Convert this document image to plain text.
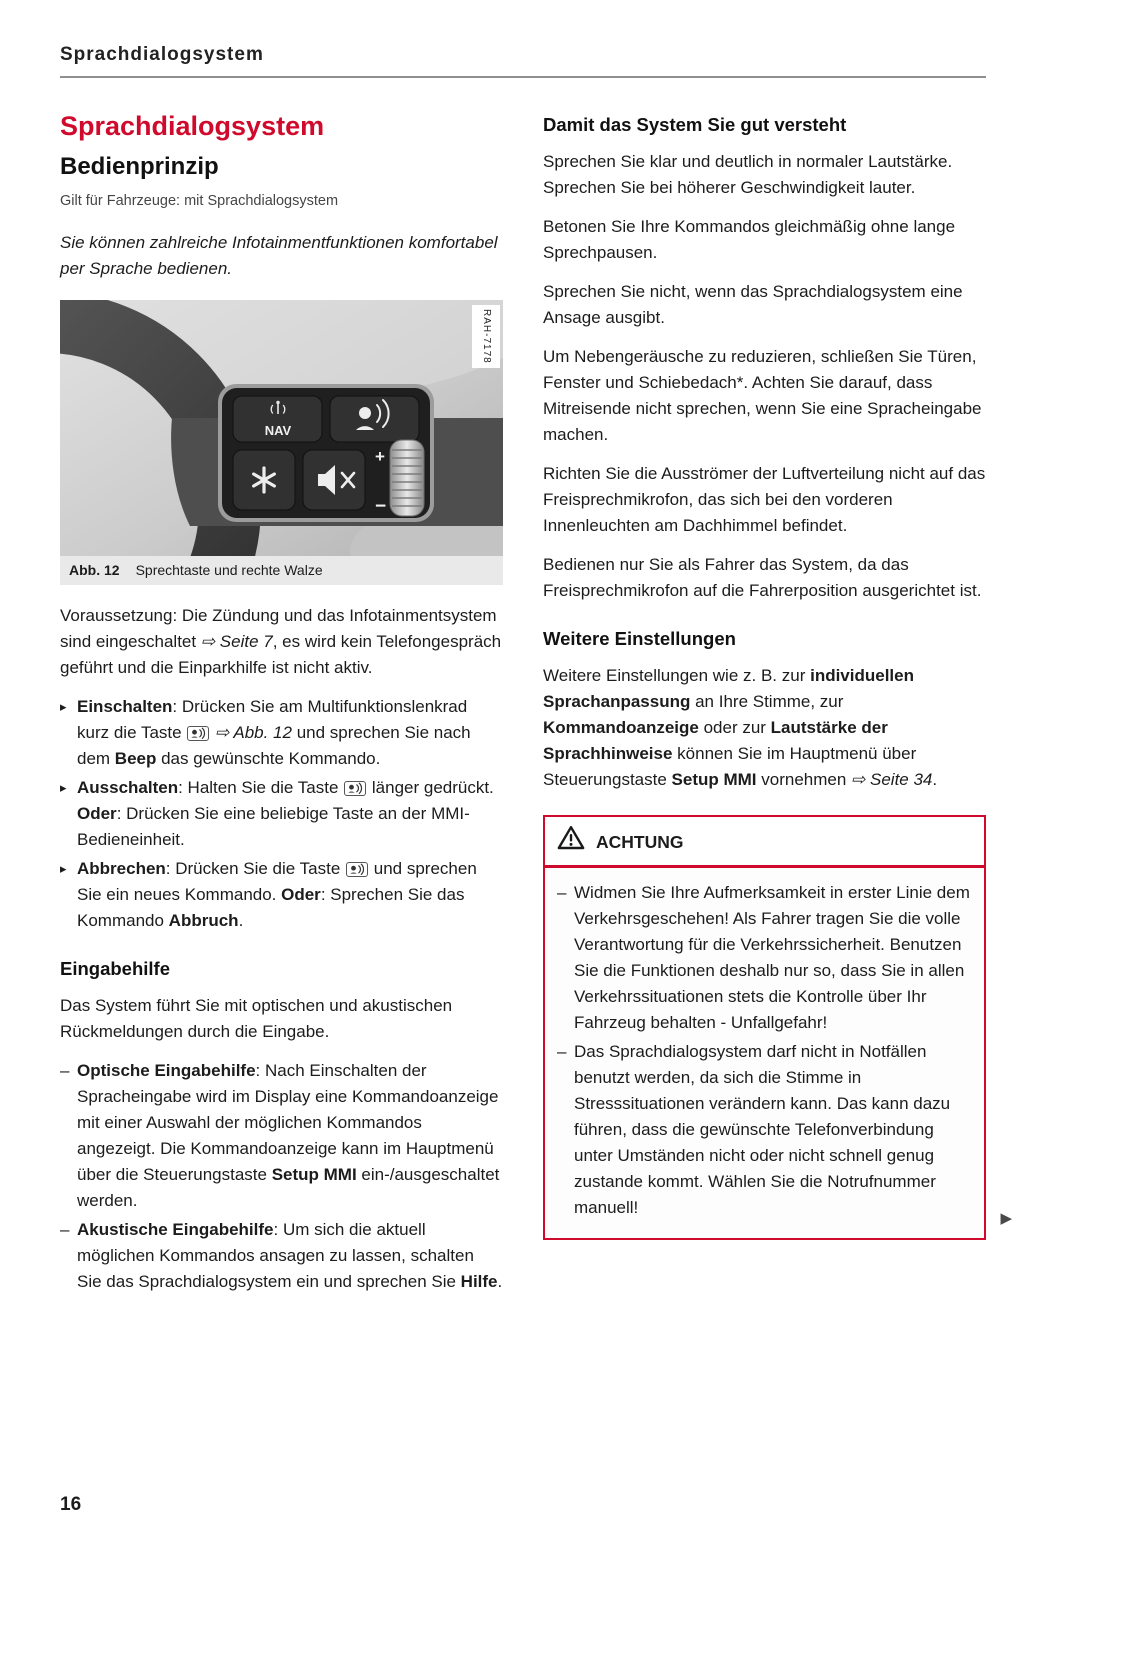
Sprachdialogsystem
Sprachdialogsystem
Bedienprinzip
Gilt für Fahrzeuge: mit Sprachdialogsystem

Sie können zahlreiche Infotainmentfunktionen komfortabel per Sprache bedienen.

NAV
+
−
RAH-7178
Abb. 12 Sprechtaste und rechte Walze

Voraussetzung: Die Zündung und das Infotainmentsystem sind eingeschaltet ⇨ Seite 7, es wird kein Telefongespräch geführt und die Einparkhilfe ist nicht aktiv.

▸ Einschalten: Drücken Sie am Multifunktionslenkrad kurz die Taste  ⇨ Abb. 12 und sprechen Sie nach dem Beep das gewünschte Kommando.
▸ Ausschalten: Halten Sie die Taste  länger gedrückt. Oder: Drücken Sie eine beliebige Taste an der MMI-Bedieneinheit.
▸ Abbrechen: Drücken Sie die Taste  und sprechen Sie ein neues Kommando. Oder: Sprechen Sie das Kommando Abbruch.
Eingabehilfe

Das System führt Sie mit optischen und akustischen Rückmeldungen durch die Eingabe.

– Optische Eingabehilfe: Nach Einschalten der Spracheingabe wird im Display eine Kommandoanzeige mit einer Auswahl der möglichen Kommandos angezeigt. Die Kommandoanzeige kann im Hauptmenü über die Steuerungstaste Setup MMI ein-/ausgeschaltet werden.
– Akustische Eingabehilfe: Um sich die aktuell möglichen Kommandos ansagen zu lassen, schalten Sie das Sprachdialogsystem ein und sprechen Sie Hilfe.
Damit das System Sie gut versteht

Sprechen Sie klar und deutlich in normaler Lautstärke. Sprechen Sie bei höherer Geschwindigkeit lauter.

Betonen Sie Ihre Kommandos gleichmäßig ohne lange Sprechpausen.

Sprechen Sie nicht, wenn das Sprachdialogsystem eine Ansage ausgibt.

Um Nebengeräusche zu reduzieren, schließen Sie Türen, Fenster und Schiebedach*. Achten Sie darauf, dass Mitreisende nicht sprechen, wenn Sie eine Spracheingabe machen.

Richten Sie die Ausströmer der Luftverteilung nicht auf das Freisprechmikrofon, das sich bei den vorderen Innenleuchten am Dachhimmel befindet.

Bedienen nur Sie als Fahrer das System, da das Freisprechmikrofon auf die Fahrerposition ausgerichtet ist.

Weitere Einstellungen

Weitere Einstellungen wie z. B. zur individuellen Sprachanpassung an Ihre Stimme, zur Kommandoanzeige oder zur Lautstärke der Sprachhinweise können Sie im Hauptmenü über Steuerungstaste Setup MMI vornehmen ⇨ Seite 34.

ACHTUNG
– Widmen Sie Ihre Aufmerksamkeit in erster Linie dem Verkehrsgeschehen! Als Fahrer tragen Sie die volle Verantwortung für die Verkehrssicherheit. Benutzen Sie die Funktionen deshalb nur so, dass Sie in allen Verkehrssituationen stets die Kontrolle über Ihr Fahrzeug behalten - Unfallgefahr!
– Das Sprachdialogsystem darf nicht in Notfällen benutzt werden, da sich die Stimme in Stresssituationen verändern kann. Das kann dazu führen, dass die gewünschte Telefonverbindung unter Umständen nicht oder nicht schnell genug zustande kommt. Wählen Sie die Notrufnummer manuell!
▶
16
